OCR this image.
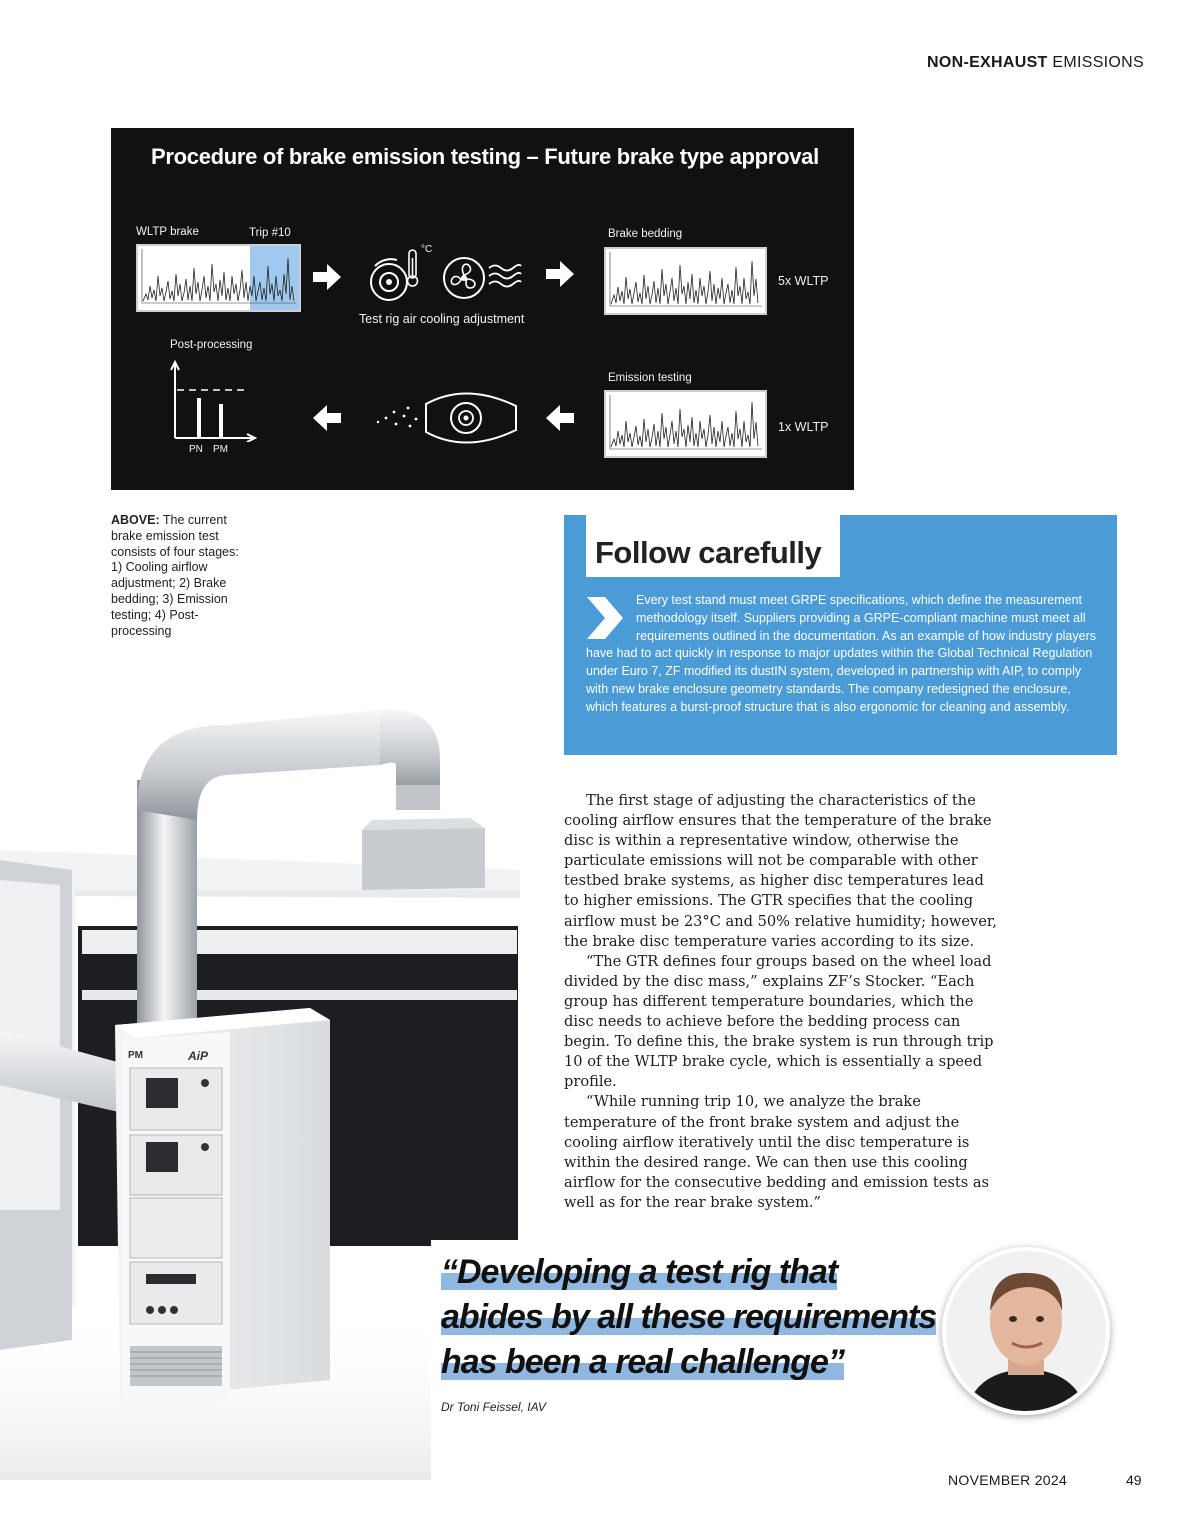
NON-EXHAUST EMISSIONS
Procedure of brake emission testing – Future brake type approval
WLTP brake	Trip #10
°C
Test rig air cooling adjustment
Brake bedding
5x WLTP
Post-processing
PN PM
Emission testing
1x WLTP
ABOVE: The current brake emission test consists of four stages: 1) Cooling airflow adjustment; 2) Brake bedding; 3) Emission testing; 4) Post-processing
PM	AiP
Follow carefully
Every test stand must meet GRPE specifications, which define the measurement methodology itself. Suppliers providing a GRPE-compliant machine must meet all requirements outlined in the documentation. As an example of how industry players have had to act quickly in response to major updates within the Global Technical Regulation under Euro 7, ZF modified its dustIN system, developed in partnership with AIP, to comply with new brake enclosure geometry standards. The company redesigned the enclosure, which features a burst-proof structure that is also ergonomic for cleaning and assembly.

The first stage of adjusting the characteristics of the cooling airflow ensures that the temperature of the brake disc is within a representative window, otherwise the particulate emissions will not be comparable with other testbed brake systems, as higher disc temperatures lead to higher emissions. The GTR specifies that the cooling airflow must be 23°C and 50% relative humidity; however, the brake disc temperature varies according to its size.

“The GTR defines four groups based on the wheel load divided by the disc mass,” explains ZF’s Stocker. “Each group has different temperature boundaries, which the disc needs to achieve before the bedding process can begin. To define this, the brake system is run through trip 10 of the WLTP brake cycle, which is essentially a speed profile.

“While running trip 10, we analyze the brake temperature of the front brake system and adjust the cooling airflow iteratively until the disc temperature is within the desired range. We can then use this cooling airflow for the consecutive bedding and emission tests as well as for the rear brake system.”

“Developing a test rig that abides by all these requirements has been a real challenge”
Dr Toni Feissel, IAV
NOVEMBER 2024	49
